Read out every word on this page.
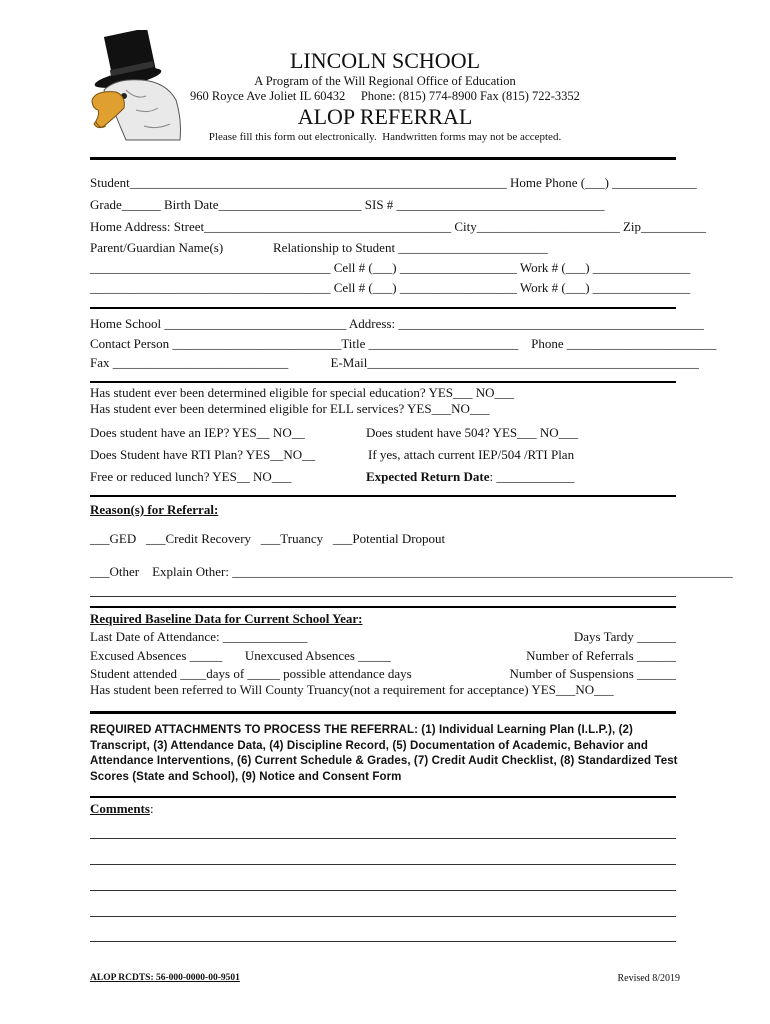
LINCOLN SCHOOL
A Program of the Will Regional Office of Education
960 Royce Ave Joliet IL 60432     Phone: (815) 774-8900 Fax (815) 722-3352
ALOP REFERRAL
Please fill this form out electronically.  Handwritten forms may not be accepted.
Student__________________________________________________________ Home Phone (___) _____________
Grade______ Birth Date______________________ SIS # ________________________________
Home Address: Street______________________________________ City______________________ Zip__________
Parent/Guardian Name(s)	Relationship to Student _______________________
_____________________________________ Cell # (___) __________________ Work # (___) _______________
_____________________________________ Cell # (___) __________________ Work # (___) _______________
Home School ____________________________ Address: _______________________________________________
Contact Person __________________________Title _______________________    Phone _______________________
Fax ___________________________             E-Mail___________________________________________________
Has student ever been determined eligible for special education? YES___ NO___
Has student ever been determined eligible for ELL services? YES___NO___
Does student have an IEP? YES__ NO__	Does student have 504? YES___ NO___
Does Student have RTI Plan? YES__NO__	If yes, attach current IEP/504 /RTI Plan
Free or reduced lunch? YES__ NO___	Expected Return Date: ____________
Reason(s) for Referral:
___GED   ___Credit Recovery   ___Truancy   ___Potential Dropout
___Other    Explain Other: _____________________________________________________________________________
Required Baseline Data for Current School Year:
Last Date of Attendance: _____________	Days Tardy ______
Excused Absences _____       Unexcused Absences _____	Number of Referrals ______
Student attended ____days of _____ possible attendance days	Number of Suspensions ______
Has student been referred to Will County Truancy(not a requirement for acceptance) YES___NO___
REQUIRED ATTACHMENTS TO PROCESS THE REFERRAL: (1) Individual Learning Plan (I.L.P.), (2) Transcript, (3) Attendance Data, (4) Discipline Record, (5) Documentation of Academic, Behavior and Attendance Interventions, (6) Current Schedule & Grades, (7) Credit Audit Checklist, (8) Standardized Test Scores (State and School), (9) Notice and Consent Form
Comments:
ALOP RCDTS: 56-000-0000-00-9501	Revised 8/2019
